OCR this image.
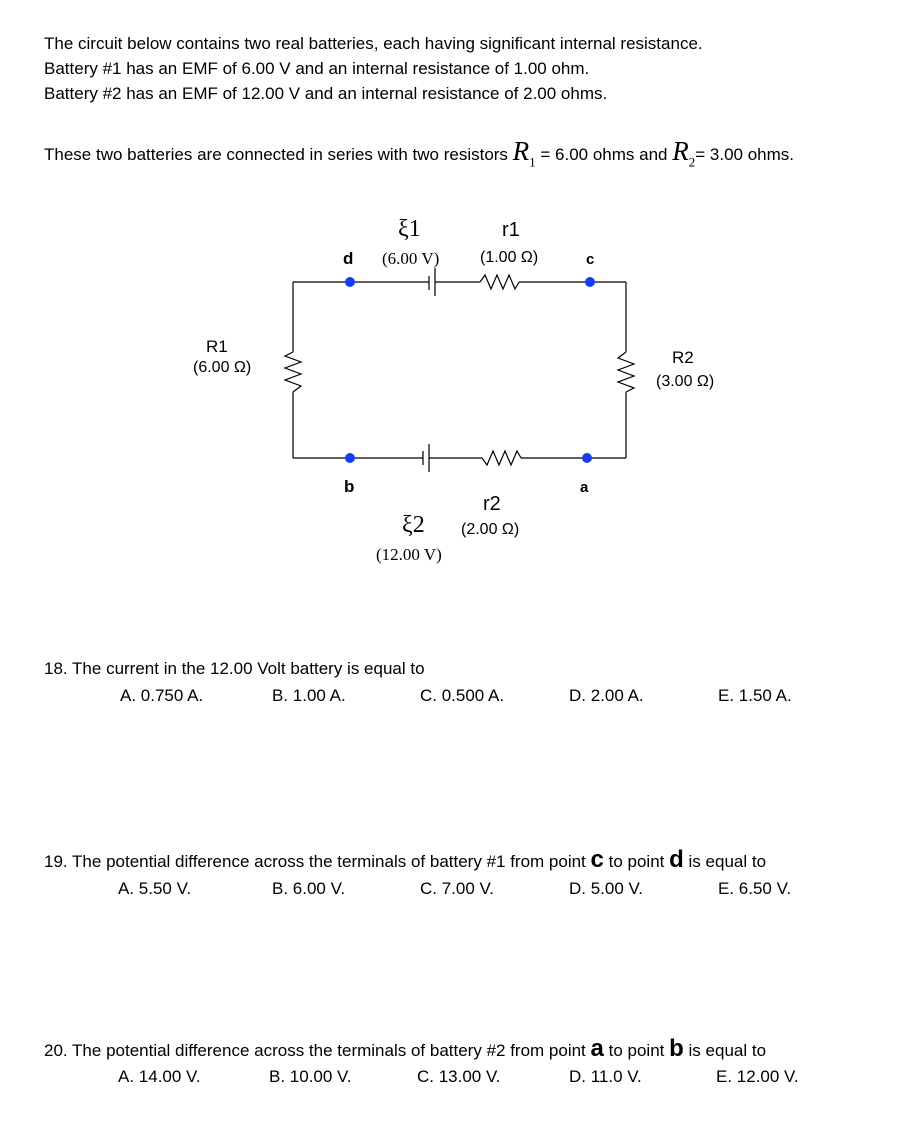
The circuit below contains two real batteries, each having significant internal resistance.
Battery #1 has an EMF of 6.00 V and an internal resistance of 1.00 ohm.
Battery #2 has an EMF of 12.00 V and an internal resistance of 2.00 ohms.
These two batteries are connected in series with two resistors $R_1 = 6.00$ ohms and $R_2= 3.00$ ohms.
ξ1
(6.00 V)
r1
(1.00 Ω)
d	c
R1
(6.00 Ω)
R2
(3.00 Ω)
b	a
r2
(2.00 Ω)
ξ2
(12.00 V)
18. The current in the 12.00 Volt battery is equal to
A. 0.750 A.	B. 1.00 A.	C. 0.500 A.	D. 2.00 A.	E. 1.50 A.
19. The potential difference across the terminals of battery #1 from point c to point d is equal to
A. 5.50 V.	B. 6.00 V.	C. 7.00 V.	D. 5.00 V.	E. 6.50 V.
20. The potential difference across the terminals of battery #2 from point a to point b is equal to
A. 14.00 V.	B. 10.00 V.	C. 13.00 V.	D. 11.0 V.	E. 12.00 V.
